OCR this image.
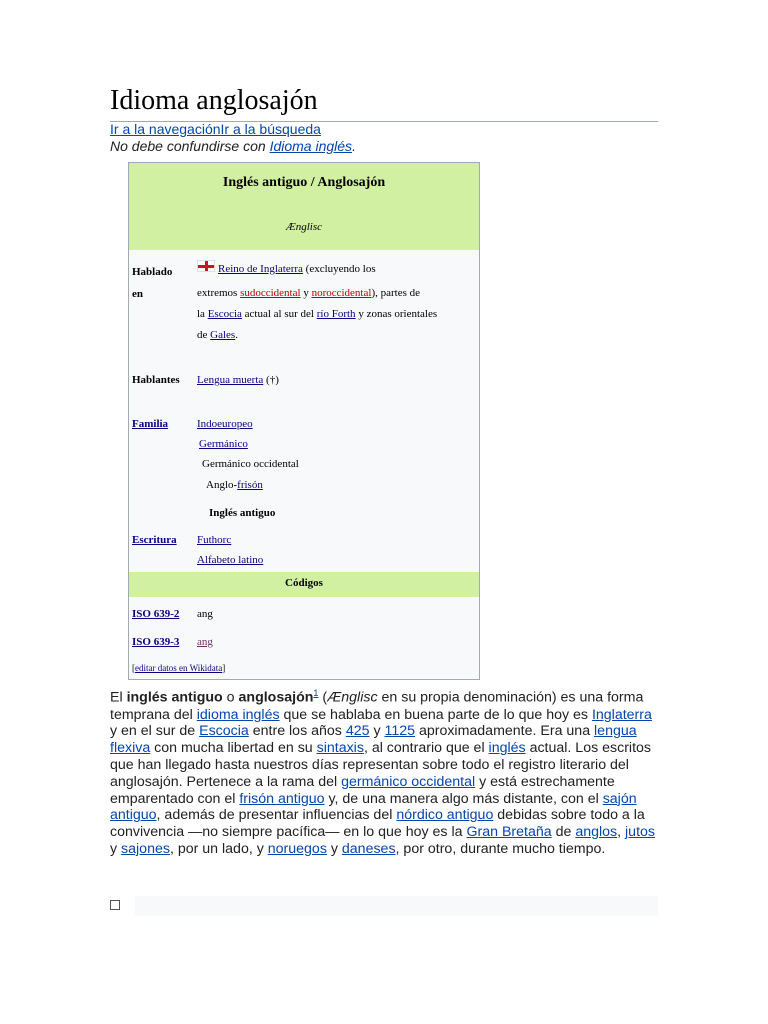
Idioma anglosajón
Ir a la navegaciónIr a la búsqueda
No debe confundirse con Idioma inglés.
Inglés antiguo / Anglosajón
Ænglisc
Hablado
en
Reino de Inglaterra (excluyendo los
extremos sudoccidental y noroccidental), partes de
la Escocia actual al sur del río Forth y zonas orientales
de Gales.
Hablantes Lengua muerta (†)
Familia	Indoeuropeo
Germánico
Germánico occidental
Anglo-frisón
Inglés antiguo
Escritura Futhorc
Alfabeto latino
Códigos
ISO 639-2 ang
ISO 639-3 ang
[editar datos en Wikidata]

El inglés antiguo o anglosajón$^1$ (Ænglisc en su propia denominación) es una forma temprana del idioma inglés que se hablaba en buena parte de lo que hoy es Inglaterra y en el sur de Escocia entre los años 425 y 1125 aproximadamente. Era una lengua flexiva con mucha libertad en su sintaxis, al contrario que el inglés actual. Los escritos que han llegado hasta nuestros días representan sobre todo el registro literario del anglosajón. Pertenece a la rama del germánico occidental y está estrechamente emparentado con el frisón antiguo y, de una manera algo más distante, con el sajón antiguo, además de presentar influencias del nórdico antiguo debidas sobre todo a la convivencia —no siempre pacífica— en lo que hoy es la Gran Bretaña de anglos, jutos y sajones, por un lado, y noruegos y daneses, por otro, durante mucho tiempo.
